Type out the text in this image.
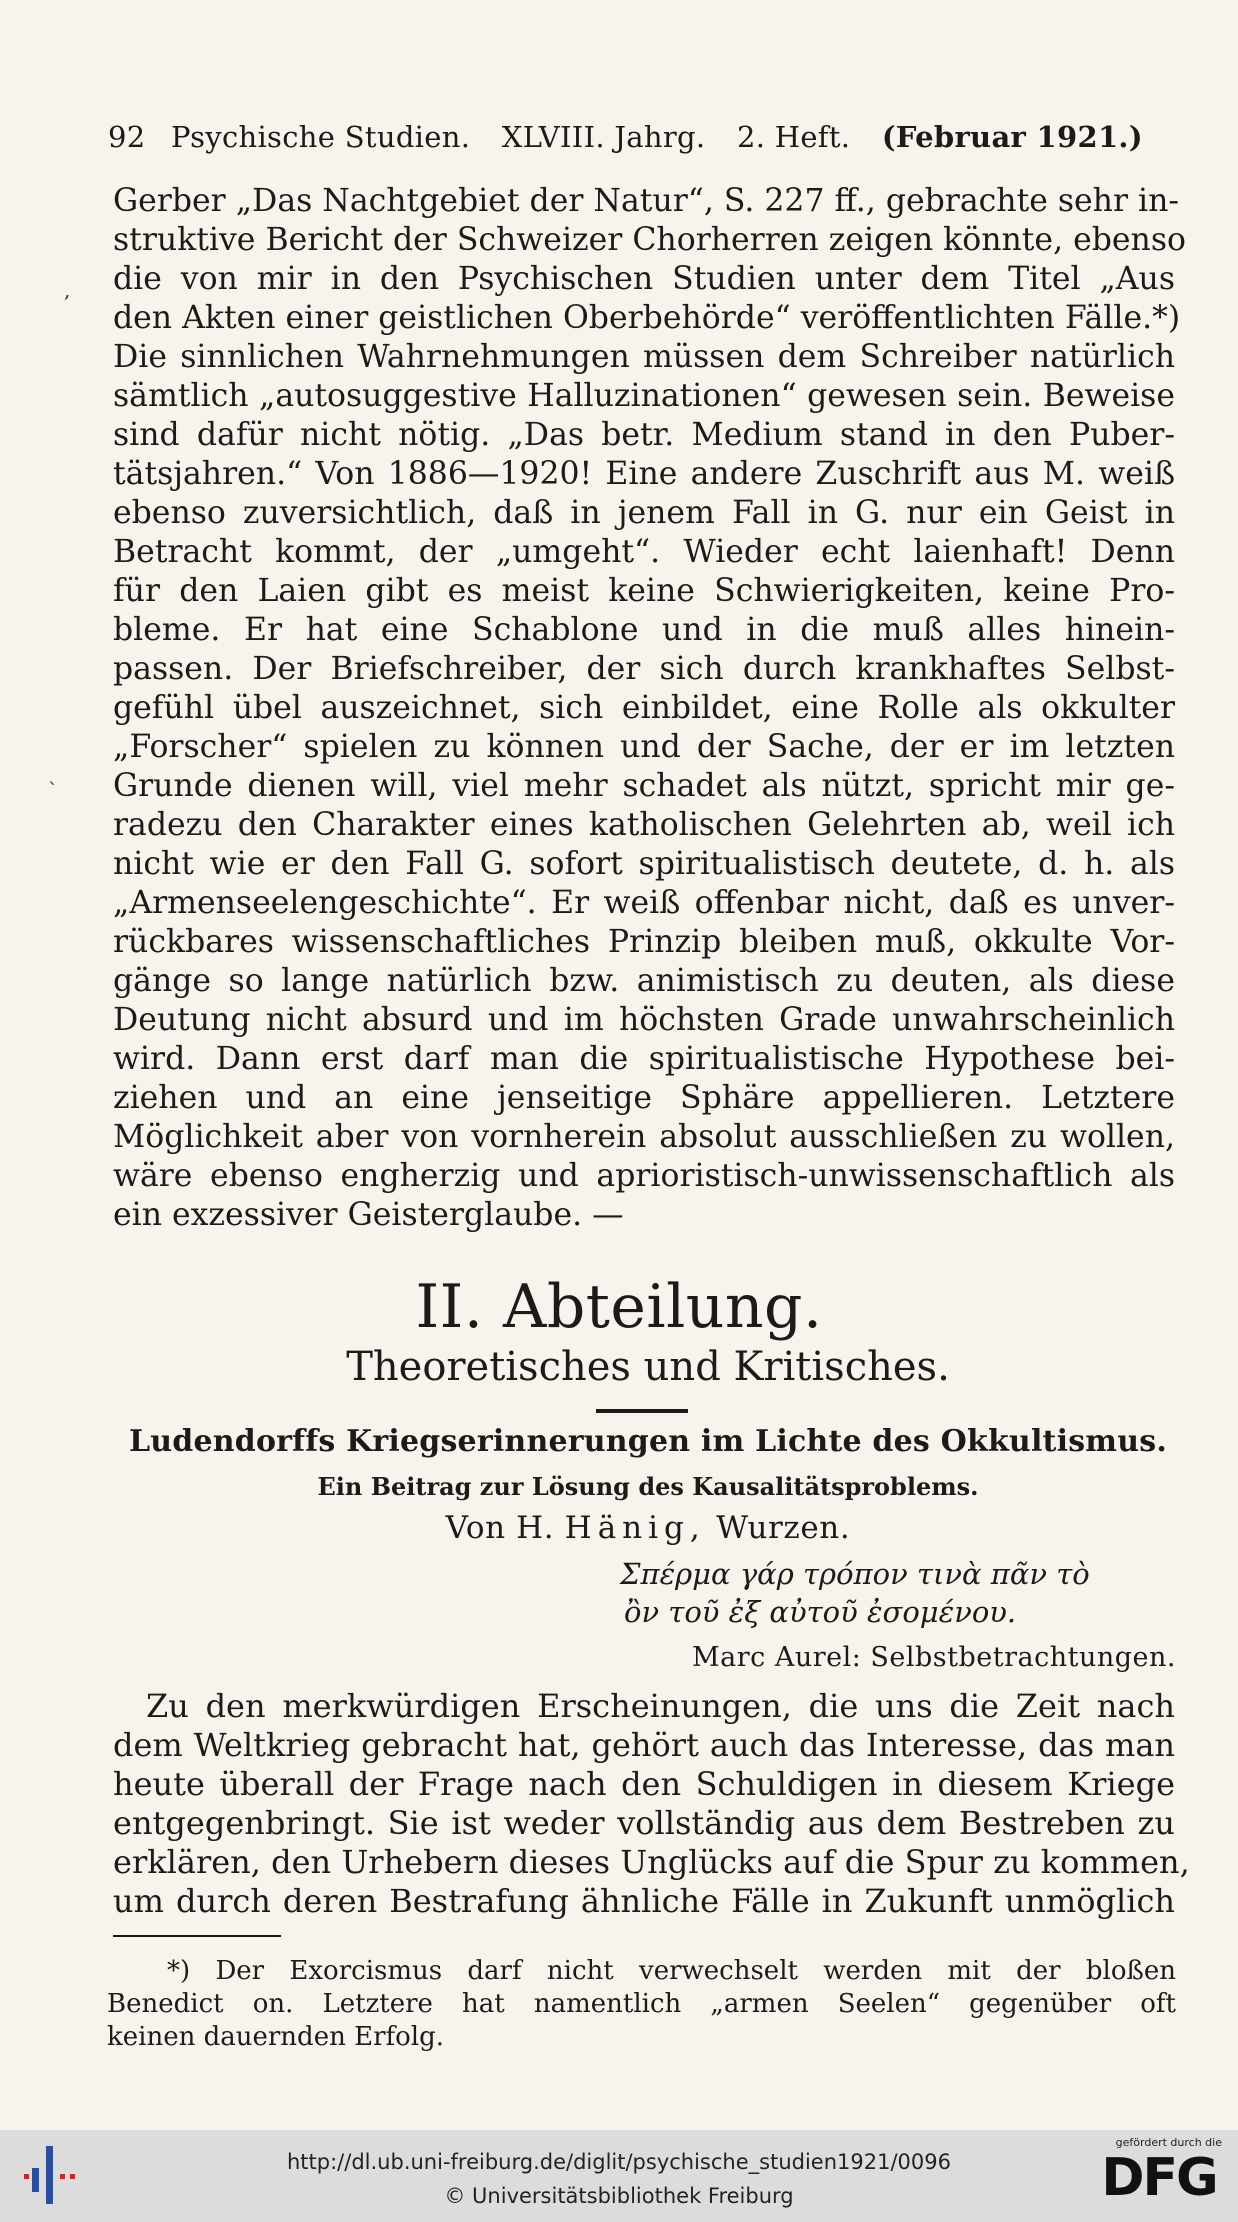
92 Psychische Studien. XLVIII. Jahrg. 2. Heft. (Februar 1921.)
,
`
Gerber „Das Nachtgebiet der Natur“, S. 227 ff., gebrachte sehr in-
struktive Bericht der Schweizer Chorherren zeigen könnte, ebenso
die von mir in den Psychischen Studien unter dem Titel „Aus
den Akten einer geistlichen Oberbehörde“ veröffentlichten Fälle.*)
Die sinnlichen Wahrnehmungen müssen dem Schreiber natürlich
sämtlich „autosuggestive Halluzinationen“ gewesen sein. Beweise
sind dafür nicht nötig. „Das betr. Medium stand in den Puber-
tätsjahren.“ Von 1886—1920! Eine andere Zuschrift aus M. weiß
ebenso zuversichtlich, daß in jenem Fall in G. nur ein Geist in
Betracht kommt, der „umgeht“. Wieder echt laienhaft! Denn
für den Laien gibt es meist keine Schwierigkeiten, keine Pro-
bleme. Er hat eine Schablone und in die muß alles hinein-
passen. Der Briefschreiber, der sich durch krankhaftes Selbst-
gefühl übel auszeichnet, sich einbildet, eine Rolle als okkulter
„Forscher“ spielen zu können und der Sache, der er im letzten
Grunde dienen will, viel mehr schadet als nützt, spricht mir ge-
radezu den Charakter eines katholischen Gelehrten ab, weil ich
nicht wie er den Fall G. sofort spiritualistisch deutete, d. h. als
„Armenseelengeschichte“. Er weiß offenbar nicht, daß es unver-
rückbares wissenschaftliches Prinzip bleiben muß, okkulte Vor-
gänge so lange natürlich bzw. animistisch zu deuten, als diese
Deutung nicht absurd und im höchsten Grade unwahrscheinlich
wird. Dann erst darf man die spiritualistische Hypothese bei-
ziehen und an eine jenseitige Sphäre appellieren. Letztere
Möglichkeit aber von vornherein absolut ausschließen zu wollen,
wäre ebenso engherzig und aprioristisch-unwissenschaftlich als
ein exzessiver Geisterglaube. —
II. Abteilung.
Theoretisches und Kritisches.
Ludendorffs Kriegserinnerungen im Lichte des Okkultismus.
Ein Beitrag zur Lösung des Kausalitätsproblems.
Von H. Hänig, Wurzen.
Σπέρμα γάρ τρόπον τινὰ πᾶν τὸ
ὂν τοῦ ἐξ αὐτοῦ ἐσομένου.
Marc Aurel: Selbstbetrachtungen.
Zu den merkwürdigen Erscheinungen, die uns die Zeit nach
dem Weltkrieg gebracht hat, gehört auch das Interesse, das man
heute überall der Frage nach den Schuldigen in diesem Kriege
entgegenbringt. Sie ist weder vollständig aus dem Bestreben zu
erklären, den Urhebern dieses Unglücks auf die Spur zu kommen,
um durch deren Bestrafung ähnliche Fälle in Zukunft unmöglich
*) Der Exorcismus darf nicht verwechselt werden mit der bloßen
Benedict on. Letztere hat namentlich „armen Seelen“ gegenüber oft
keinen dauernden Erfolg.
http://dl.ub.uni-freiburg.de/diglit/psychische_studien1921/0096
© Universitätsbibliothek Freiburg
gefördert durch die
DFG
